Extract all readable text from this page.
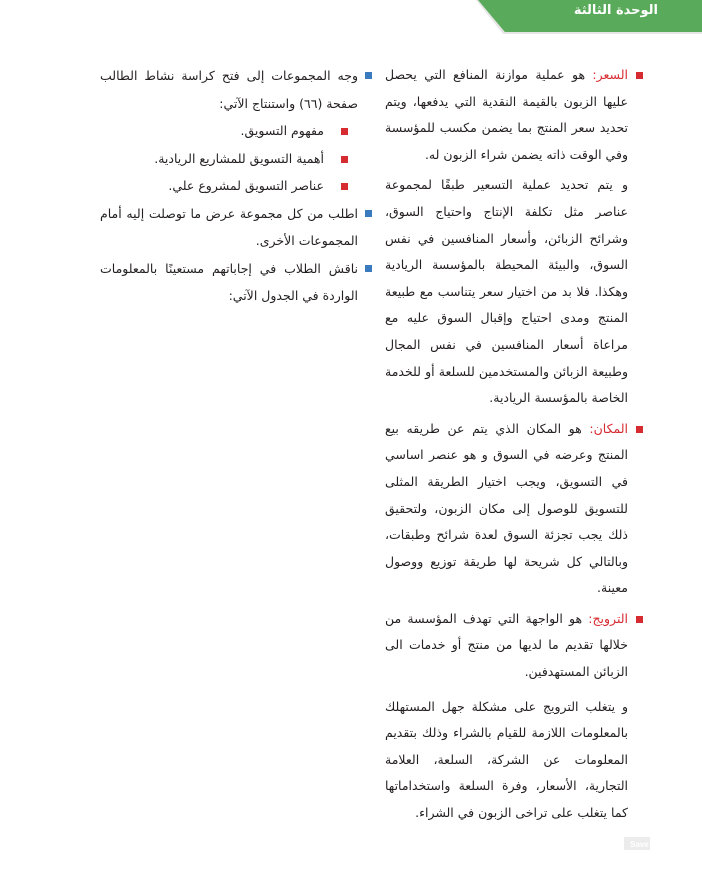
الوحدة الثالثة
السعر: هو عملية موازنة المنافع التي يحصل عليها الزبون بالقيمة النقدية التي يدفعها، ويتم تحديد سعر المنتج بما يضمن مكسب للمؤسسة وفي الوقت ذاته يضمن شراء الزبون له.
و يتم تحديد عملية التسعير طبقًا لمجموعة عناصر مثل تكلفة الإنتاج واحتياج السوق، وشرائح الزبائن، وأسعار المنافسين في نفس السوق، والبيئة المحيطة بالمؤسسة الريادية وهكذا. فلا بد من اختيار سعر يتناسب مع طبيعة المنتج ومدى احتياج وإقبال السوق عليه مع مراعاة أسعار المنافسين في نفس المجال وطبيعة الزبائن والمستخدمين للسلعة أو للخدمة الخاصة بالمؤسسة الريادية.
المكان: هو المكان الذي يتم عن طريقه بيع المنتج وعرضه في السوق و هو عنصر اساسي في التسويق، ويجب اختيار الطريقة المثلى للتسويق للوصول إلى مكان الزبون، ولتحقيق ذلك يجب تجزئة السوق لعدة شرائح وطبقات، وبالتالي كل شريحة لها طريقة توزيع ووصول معينة.
الترويج: هو الواجهة التي تهدف المؤسسة من خلالها تقديم ما لديها من منتج أو خدمات الى الزبائن المستهدفين.
و يتغلب الترويج على مشكلة جهل المستهلك بالمعلومات اللازمة للقيام بالشراء وذلك بتقديم المعلومات عن الشركة، السلعة، العلامة التجارية، الأسعار، وفرة السلعة واستخداماتها كما يتغلب على تراخى الزبون في الشراء.
وجه المجموعات إلى فتح كراسة نشاط الطالب صفحة (٦٦) واستنتاج الآتي:
مفهوم التسويق.
أهمية التسويق للمشاريع الريادية.
عناصر التسويق لمشروع علي.
اطلب من كل مجموعة عرض ما توصلت إليه أمام المجموعات الأخرى.
ناقش الطلاب في إجاباتهم مستعينًا بالمعلومات الواردة في الجدول الآتي:
Save
